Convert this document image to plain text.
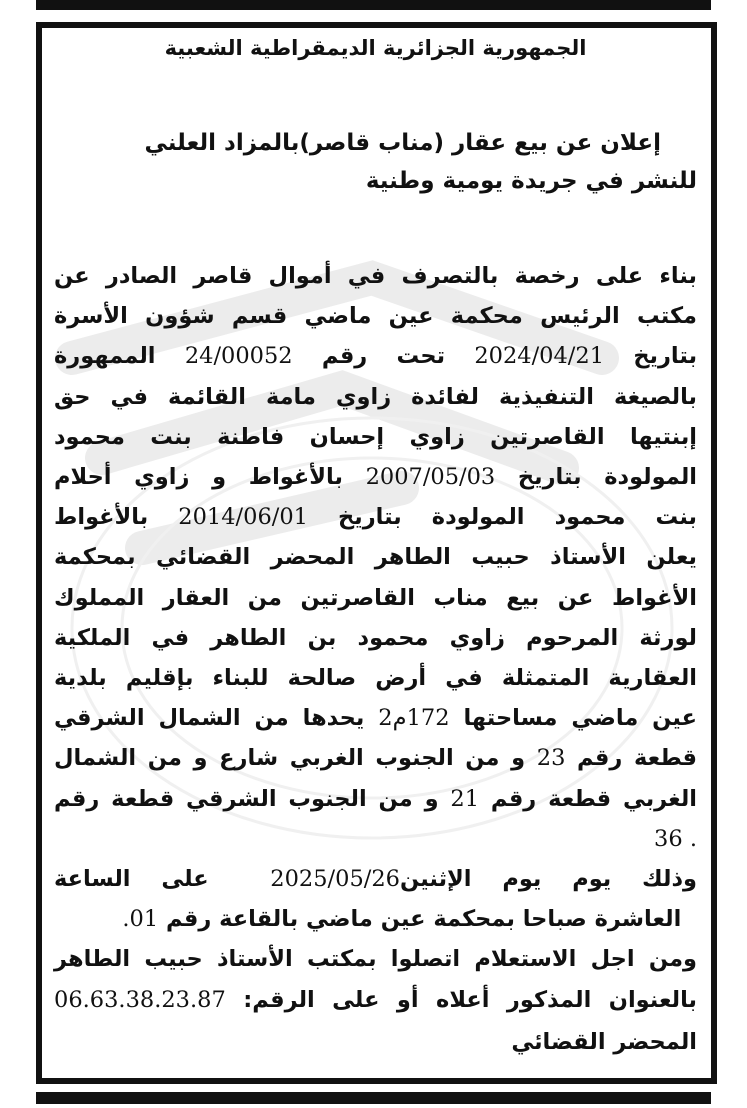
الجمهورية الجزائرية الديمقراطية الشعبية
إعلان عن بيع عقار (مناب قاصر)بالمزاد العلني
للنشر في جريدة يومية وطنية
بناء على رخصة بالتصرف في أموال قاصر الصادر عن
مكتب الرئيس محكمة عين ماضي قسم شؤون الأسرة
بتاريخ 2024/04/21 تحت رقم 24/00052 الممهورة
بالصيغة التنفيذية لفائدة زاوي مامة القائمة في حق
إبنتيها القاصرتين زاوي إحسان فاطنة بنت محمود
المولودة بتاريخ 2007/05/03 بالأغواط و زاوي أحلام
بنت محمود المولودة بتاريخ 2014/06/01 بالأغواط
يعلن الأستاذ حبيب الطاهر المحضر القضائي بمحكمة
الأغواط عن بيع مناب القاصرتين من العقار المملوك
لورثة المرحوم زاوي محمود بن الطاهر في الملكية
العقارية المتمثلة في أرض صالحة للبناء بإقليم بلدية
عين ماضي مساحتها 172م2 يحدها من الشمال الشرقي
قطعة رقم 23 و من الجنوب الغربي شارع و من الشمال
الغربي قطعة رقم 21 و من الجنوب الشرقي قطعة رقم
. 36
وذلك يوم يوم الإثنين2025/05/26  على الساعة
العاشرة صباحا بمحكمة عين ماضي بالقاعة رقم 01.
ومن اجل الاستعلام اتصلوا بمكتب الأستاذ حبيب الطاهر
بالعنوان المذكور أعلاه أو على الرقم: 06.63.38.23.87
المحضر القضائي
